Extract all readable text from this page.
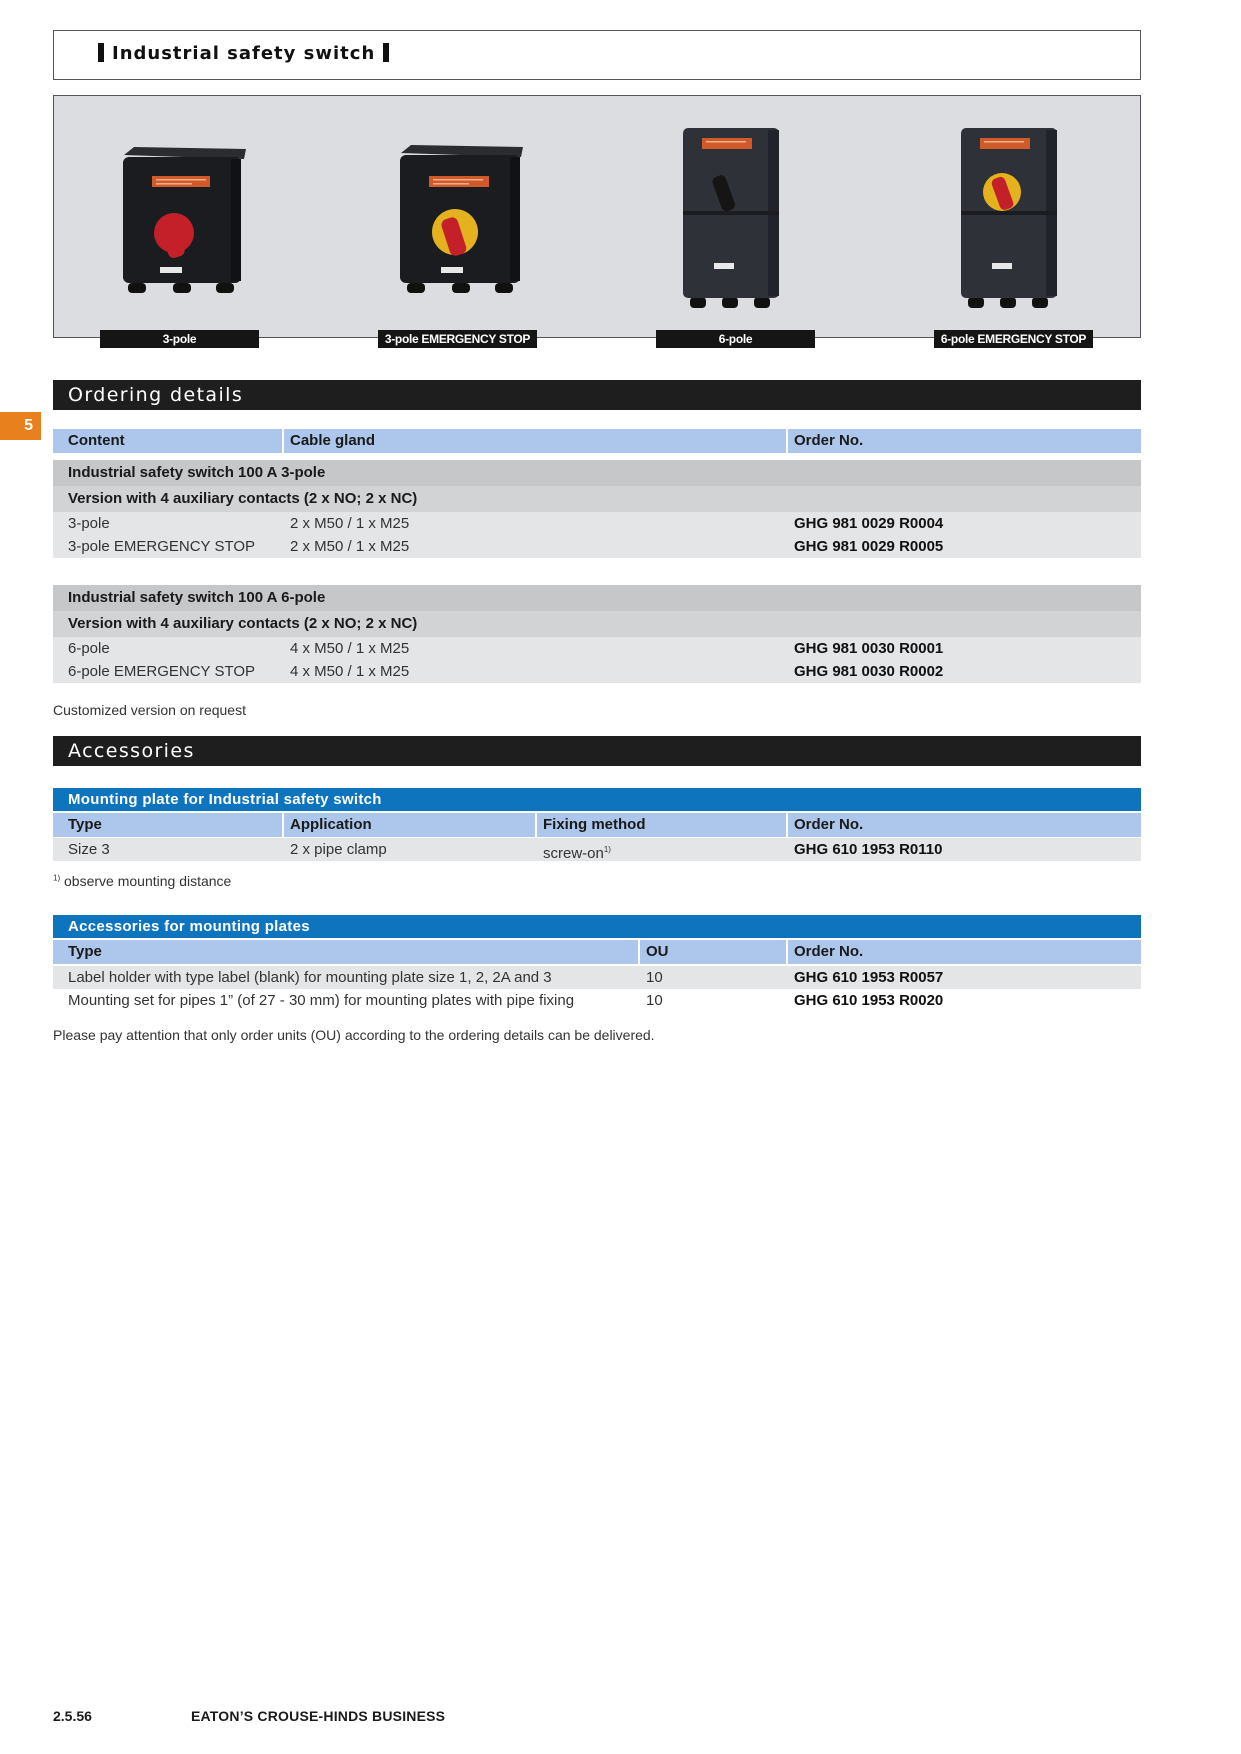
Industrial safety switch
3-pole	3-pole EMERGENCY STOP	6-pole	6-pole EMERGENCY STOP
5
Ordering details
Content	Cable gland	Order No.
Industrial safety switch 100 A 3-pole
Version with 4 auxiliary contacts (2 x NO; 2 x NC)
3-pole	2 x M50 / 1 x M25	GHG 981 0029 R0004
3-pole EMERGENCY STOP	2 x M50 / 1 x M25	GHG 981 0029 R0005
Industrial safety switch 100 A 6-pole
Version with 4 auxiliary contacts (2 x NO; 2 x NC)
6-pole	4 x M50 / 1 x M25	GHG 981 0030 R0001
6-pole EMERGENCY STOP	4 x M50 / 1 x M25	GHG 981 0030 R0002
Customized version on request
Accessories
Mounting plate for Industrial safety switch
Type	Application	Fixing method	Order No.
Size 3	2 x pipe clamp	screw-$on^{1)}$	GHG 610 1953 R0110
$^{1)}$ observe mounting distance
Accessories for mounting plates
Type	OU	Order No.
Label holder with type label (blank) for mounting plate size 1, 2, 2A and 3	10	GHG 610 1953 R0057
Mounting set for pipes 1” (of 27 - 30 mm) for mounting plates with pipe fixing	10	GHG 610 1953 R0020
Please pay attention that only order units (OU) according to the ordering details can be delivered.
2.5.56	EATON’S CROUSE-HINDS BUSINESS
